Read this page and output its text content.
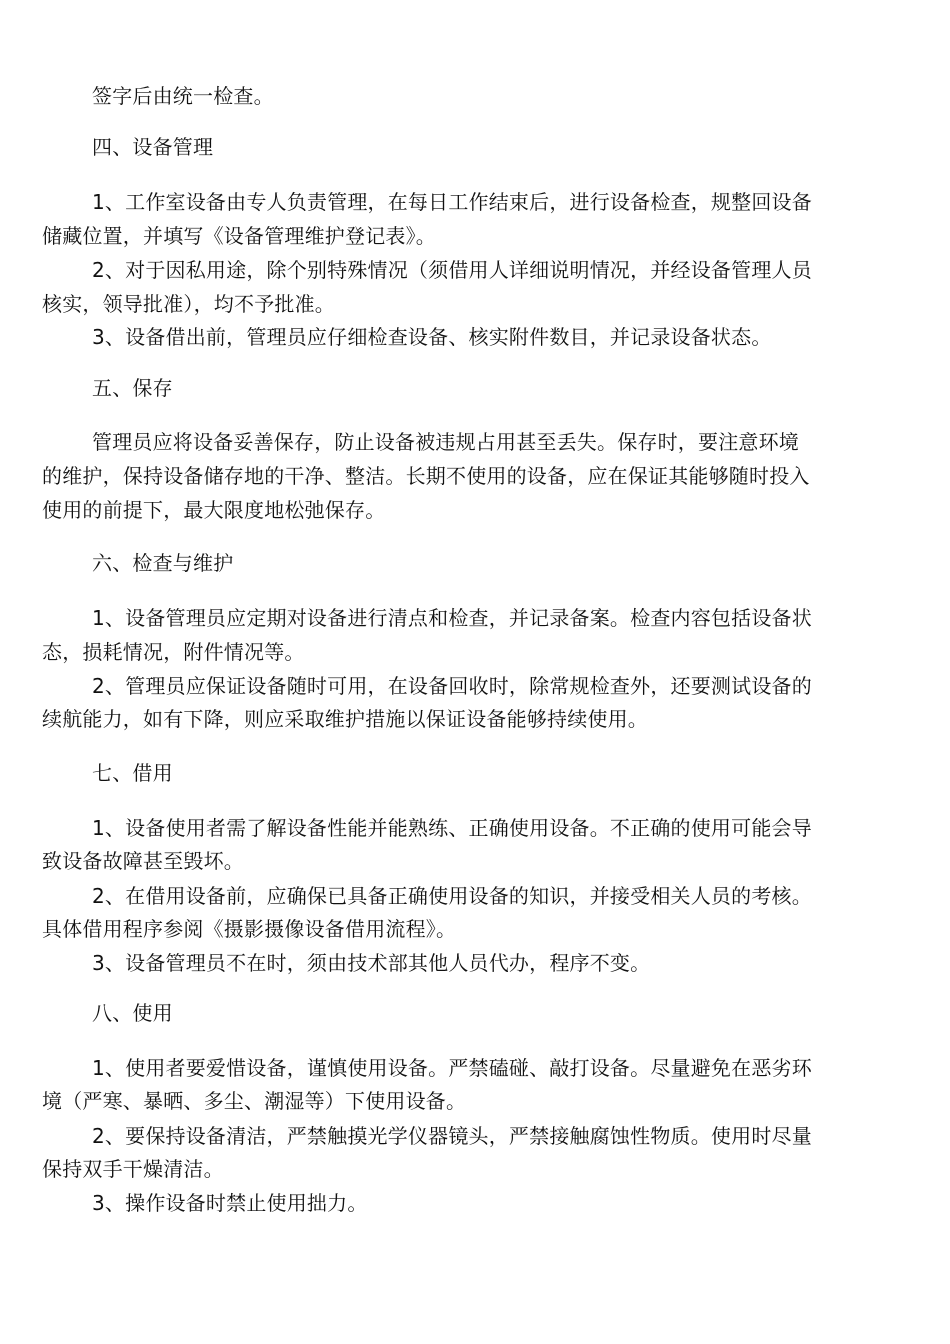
签字后由统一检查。
四、设备管理
1、工作室设备由专人负责管理，在每日工作结束后，进行设备检查，规整回设备
储藏位置，并填写《设备管理维护登记表》。
2、对于因私用途，除个别特殊情况（须借用人详细说明情况，并经设备管理人员
核实，领导批准），均不予批准。
3、设备借出前，管理员应仔细检查设备、核实附件数目，并记录设备状态。
五、保存
管理员应将设备妥善保存，防止设备被违规占用甚至丢失。保存时，要注意环境
的维护，保持设备储存地的干净、整洁。长期不使用的设备，应在保证其能够随时投入
使用的前提下，最大限度地松弛保存。
六、检查与维护
1、设备管理员应定期对设备进行清点和检查，并记录备案。检查内容包括设备状
态，损耗情况，附件情况等。
2、管理员应保证设备随时可用，在设备回收时，除常规检查外，还要测试设备的
续航能力，如有下降，则应采取维护措施以保证设备能够持续使用。
七、借用
1、设备使用者需了解设备性能并能熟练、正确使用设备。不正确的使用可能会导
致设备故障甚至毁坏。
2、在借用设备前，应确保已具备正确使用设备的知识，并接受相关人员的考核。
具体借用程序参阅《摄影摄像设备借用流程》。
3、设备管理员不在时，须由技术部其他人员代办，程序不变。
八、使用
1、使用者要爱惜设备，谨慎使用设备。严禁磕碰、敲打设备。尽量避免在恶劣环
境（严寒、暴晒、多尘、潮湿等）下使用设备。
2、要保持设备清洁，严禁触摸光学仪器镜头，严禁接触腐蚀性物质。使用时尽量
保持双手干燥清洁。
3、操作设备时禁止使用拙力。
